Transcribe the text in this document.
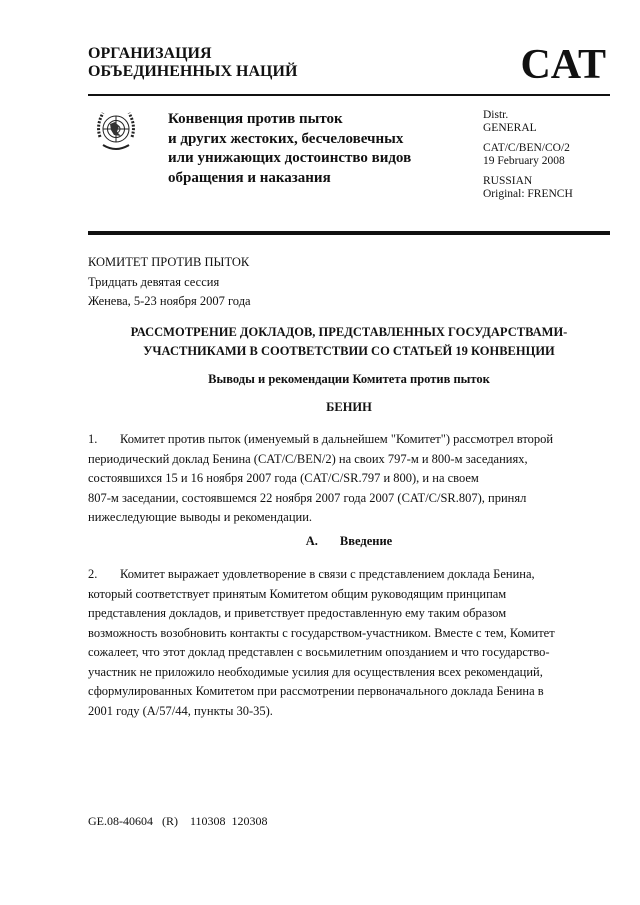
ОРГАНИЗАЦИЯ
ОБЪЕДИНЕННЫХ НАЦИЙ	CAT
Конвенция против пыток
и других жестоких, бесчеловечных
или унижающих достоинство видов
обращения и наказания
Distr.
GENERAL
CAT/C/BEN/CO/2
19 February 2008
RUSSIAN
Original: FRENCH
КОМИТЕТ ПРОТИВ ПЫТОК
Тридцать девятая сессия
Женева, 5-23 ноября 2007 года
РАССМОТРЕНИЕ ДОКЛАДОВ, ПРЕДСТАВЛЕННЫХ ГОСУДАРСТВАМИ-
УЧАСТНИКАМИ В СООТВЕТСТВИИ СО СТАТЬЕЙ 19 КОНВЕНЦИИ
Выводы и рекомендации Комитета против пыток
БЕНИН
1. Комитет против пыток (именуемый в дальнейшем "Комитет") рассмотрел второй
периодический доклад Бенина (CAT/C/BEN/2) на своих 797-м и 800-м заседаниях,
состоявшихся 15 и 16 ноября 2007 года (CAT/C/SR.797 и 800), и на своем
807-м заседании, состоявшемся 22 ноября 2007 года 2007 (CAT/C/SR.807), принял
нижеследующие выводы и рекомендации.
A. Введение
2. Комитет выражает удовлетворение в связи с представлением доклада Бенина,
который соответствует принятым Комитетом общим руководящим принципам
представления докладов, и приветствует предоставленную ему таким образом
возможность возобновить контакты с государством-участником. Вместе с тем, Комитет
сожалеет, что этот доклад представлен с восьмилетним опозданием и что государство-
участник не приложило необходимые усилия для осуществления всех рекомендаций,
сформулированных Комитетом при рассмотрении первоначального доклада Бенина в
2001 году (A/57/44, пункты 30-35).
GE.08-40604   (R)    110308  120308
